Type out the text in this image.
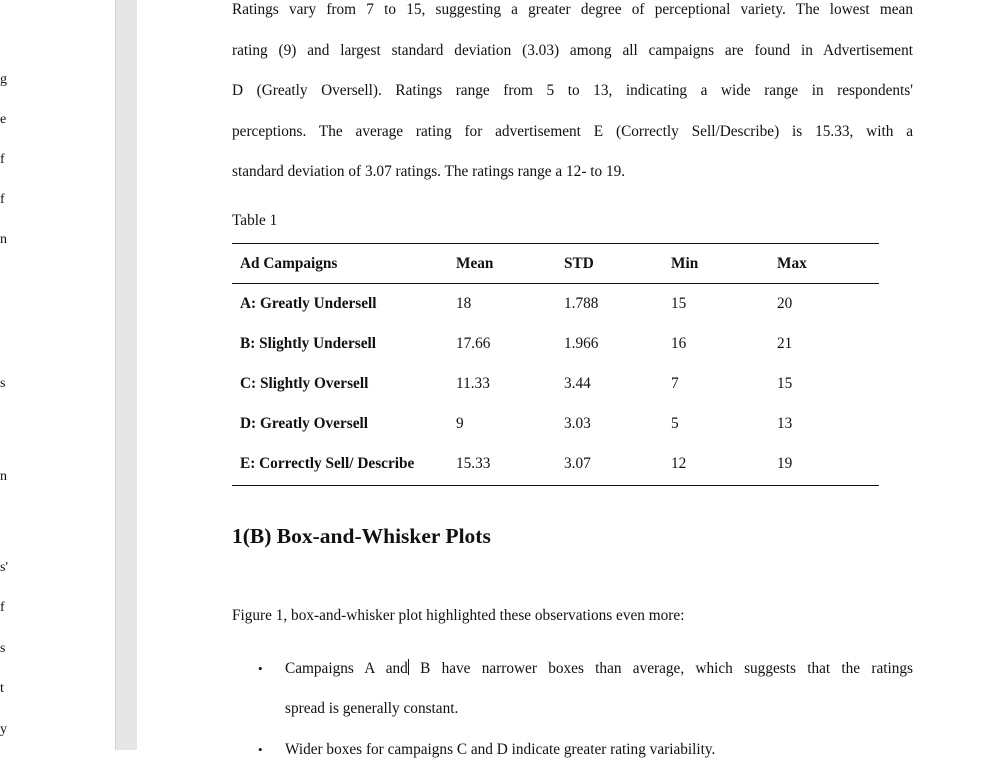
g
e
f
f
n
s
n
s'
f
s
t
y

Ratings vary from 7 to 15, suggesting a greater degree of perceptional variety. The lowest mean

rating (9) and largest standard deviation (3.03) among all campaigns are found in Advertisement

D (Greatly Oversell). Ratings range from 5 to 13, indicating a wide range in respondents'

perceptions. The average rating for advertisement E (Correctly Sell/Describe) is 15.33, with a

standard deviation of 3.07 ratings. The ratings range a 12- to 19.

Table 1
Ad Campaigns	Mean	STD	Min	Max
A: Greatly Undersell	18	1.788	15	20
B: Slightly Undersell	17.66	1.966	16	21
C: Slightly Oversell	11.33	3.44	7	15
D: Greatly Oversell	9	3.03	5	13
E: Correctly Sell/ Describe	15.33	3.07	12	19
1(B) Box-and-Whisker Plots

Figure 1, box-and-whisker plot highlighted these observations even more:

• Campaigns A and B have narrower boxes than average, which suggests that the ratings

spread is generally constant.

• Wider boxes for campaigns C and D indicate greater rating variability.
